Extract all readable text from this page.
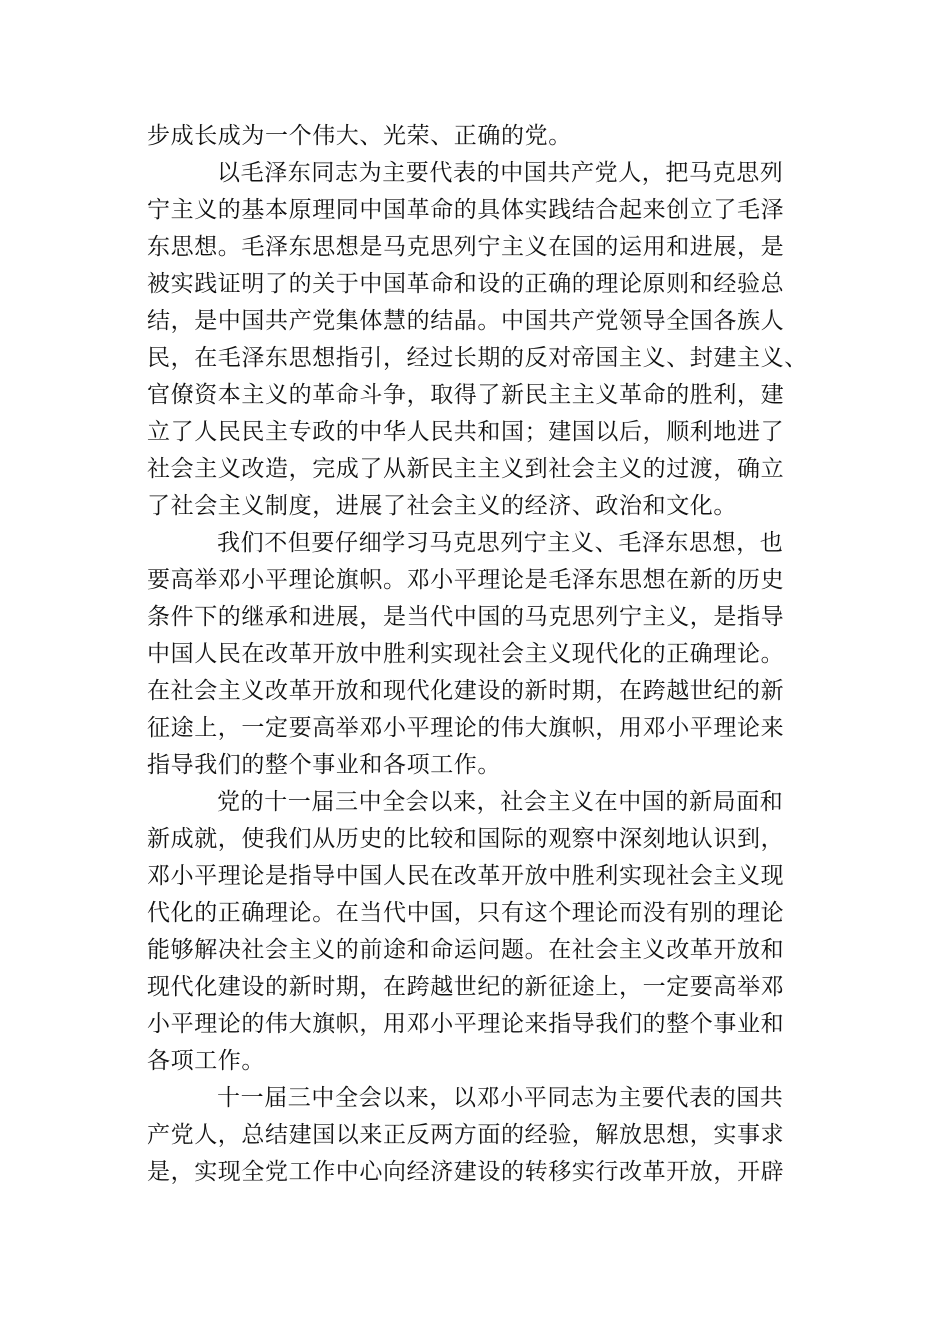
步成长成为一个伟大、光荣、正确的党。
以毛泽东同志为主要代表的中国共产党人，把马克思列
宁主义的基本原理同中国革命的具体实践结合起来创立了毛泽
东思想。毛泽东思想是马克思列宁主义在国的运用和进展，是
被实践证明了的关于中国革命和设的正确的理论原则和经验总
结，是中国共产党集体慧的结晶。中国共产党领导全国各族人
民，在毛泽东思想指引，经过长期的反对帝国主义、封建主义、
官僚资本主义的革命斗争，取得了新民主主义革命的胜利，建
立了人民民主专政的中华人民共和国；建国以后，顺利地进了
社会主义改造，完成了从新民主主义到社会主义的过渡，确立
了社会主义制度，进展了社会主义的经济、政治和文化。
我们不但要仔细学习马克思列宁主义、毛泽东思想，也
要高举邓小平理论旗帜。邓小平理论是毛泽东思想在新的历史
条件下的继承和进展，是当代中国的马克思列宁主义，是指导
中国人民在改革开放中胜利实现社会主义现代化的正确理论。
在社会主义改革开放和现代化建设的新时期，在跨越世纪的新
征途上，一定要高举邓小平理论的伟大旗帜，用邓小平理论来
指导我们的整个事业和各项工作。
党的十一届三中全会以来，社会主义在中国的新局面和
新成就，使我们从历史的比较和国际的观察中深刻地认识到，
邓小平理论是指导中国人民在改革开放中胜利实现社会主义现
代化的正确理论。在当代中国，只有这个理论而没有别的理论
能够解决社会主义的前途和命运问题。在社会主义改革开放和
现代化建设的新时期，在跨越世纪的新征途上，一定要高举邓
小平理论的伟大旗帜，用邓小平理论来指导我们的整个事业和
各项工作。
十一届三中全会以来，以邓小平同志为主要代表的国共
产党人，总结建国以来正反两方面的经验，解放思想，实事求
是，实现全党工作中心向经济建设的转移实行改革开放，开辟
